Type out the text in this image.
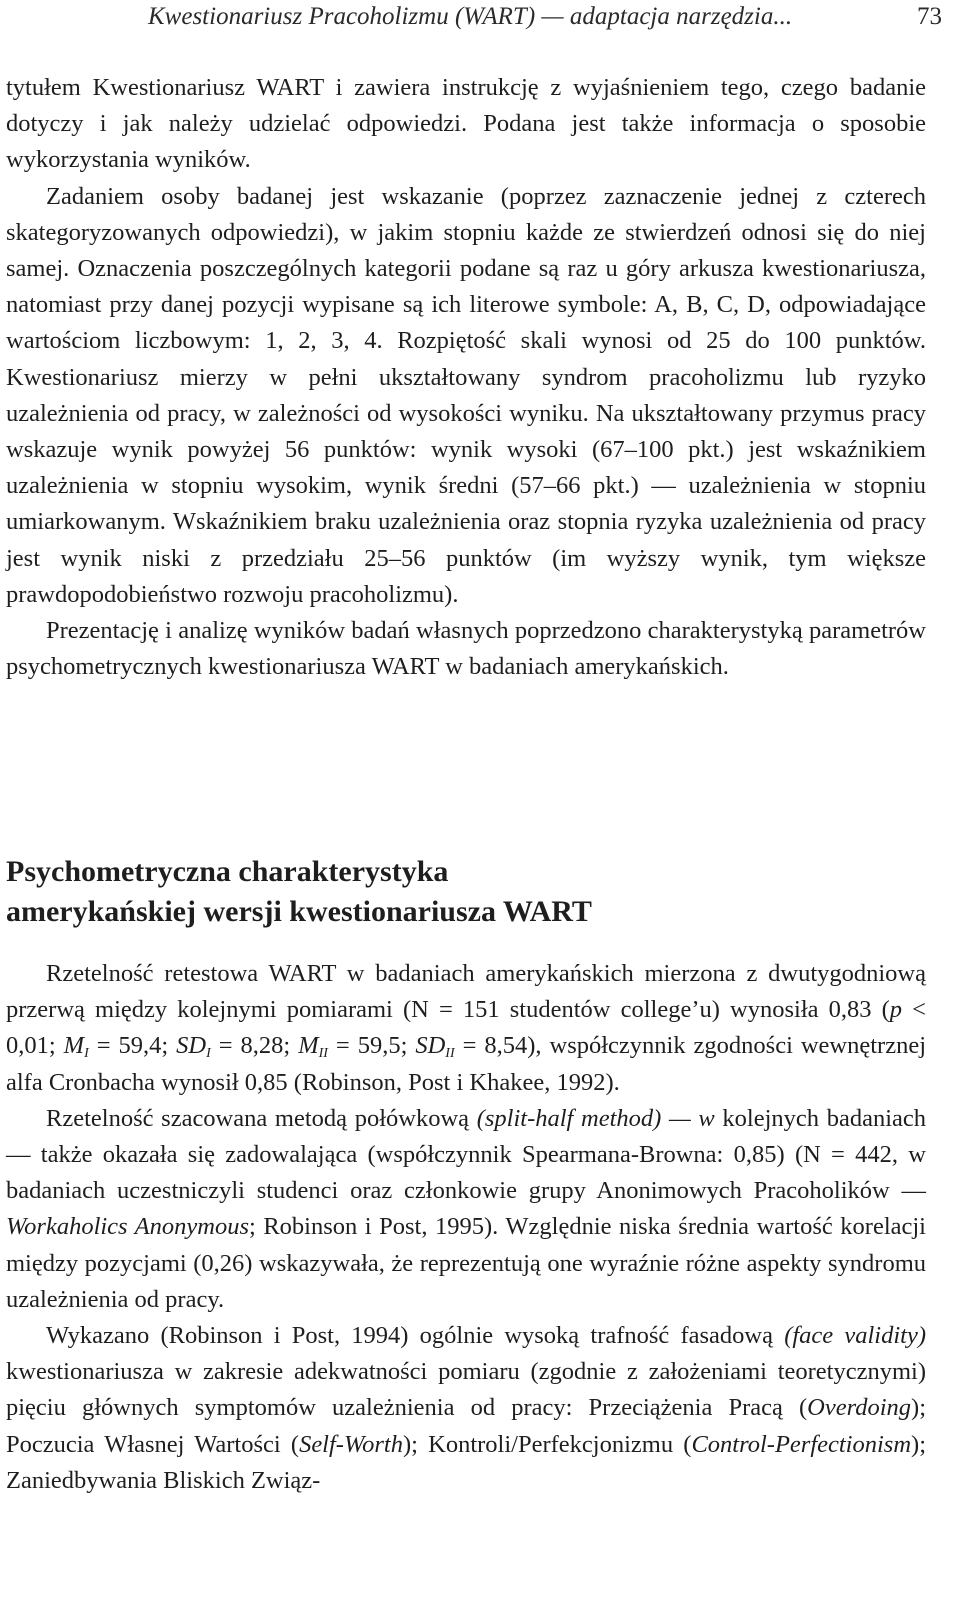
Kwestionariusz Pracoholizmu (WART) — adaptacja narzędzia...	73

tytułem Kwestionariusz WART i zawiera instrukcję z wyjaśnieniem tego, czego badanie dotyczy i jak należy udzielać odpowiedzi. Podana jest także informacja o sposobie wykorzystania wyników.

Zadaniem osoby badanej jest wskazanie (poprzez zaznaczenie jednej z czterech skategoryzowanych odpowiedzi), w jakim stopniu każde ze stwierdzeń odnosi się do niej samej. Oznaczenia poszczególnych kategorii podane są raz u góry arkusza kwestionariusza, natomiast przy danej pozycji wypisane są ich literowe symbole: A, B, C, D, odpowiadające wartościom liczbowym: 1, 2, 3, 4. Rozpiętość skali wynosi od 25 do 100 punktów. Kwestionariusz mierzy w pełni ukształtowany syndrom pracoholizmu lub ryzyko uzależnienia od pracy, w zależności od wysokości wyniku. Na ukształtowany przymus pracy wskazuje wynik powyżej 56 punktów: wynik wysoki (67–100 pkt.) jest wskaźnikiem uzależnienia w stopniu wysokim, wynik średni (57–66 pkt.) — uzależnienia w stopniu umiarkowanym. Wskaźnikiem braku uzależnienia oraz stopnia ryzyka uzależnienia od pracy jest wynik niski z przedziału 25–56 punktów (im wyższy wynik, tym większe prawdopodobieństwo rozwoju pracoholizmu).

Prezentację i analizę wyników badań własnych poprzedzono charakterystyką parametrów psychometrycznych kwestionariusza WART w badaniach amerykańskich.

Psychometryczna charakterystyka
amerykańskiej wersji kwestionariusza WART

Rzetelność retestowa WART w badaniach amerykańskich mierzona z dwutygodniową przerwą między kolejnymi pomiarami (N = 151 studentów college’u) wynosiła 0,83 (p < 0,01; $M_I = 59,4$; $SD_I = 8,28$; $M_{II} = 59,5$; $SD_{II} = 8,54$), współczynnik zgodności wewnętrznej alfa Cronbacha wynosił 0,85 (Robinson, Post i Khakee, 1992).

Rzetelność szacowana metodą połówkową (split-half method) — w kolejnych badaniach — także okazała się zadowalająca (współczynnik Spearmana-Browna: 0,85) (N = 442, w badaniach uczestniczyli studenci oraz członkowie grupy Anonimowych Pracoholików — Workaholics Anonymous; Robinson i Post, 1995). Względnie niska średnia wartość korelacji między pozycjami (0,26) wskazywała, że reprezentują one wyraźnie różne aspekty syndromu uzależnienia od pracy.

Wykazano (Robinson i Post, 1994) ogólnie wysoką trafność fasadową (face validity) kwestionariusza w zakresie adekwatności pomiaru (zgodnie z założeniami teoretycznymi) pięciu głównych symptomów uzależnienia od pracy: Przeciążenia Pracą (Overdoing); Poczucia Własnej Wartości (Self-Worth); Kontroli/Perfekcjonizmu (Control-Perfectionism); Zaniedbywania Bliskich Związ-
